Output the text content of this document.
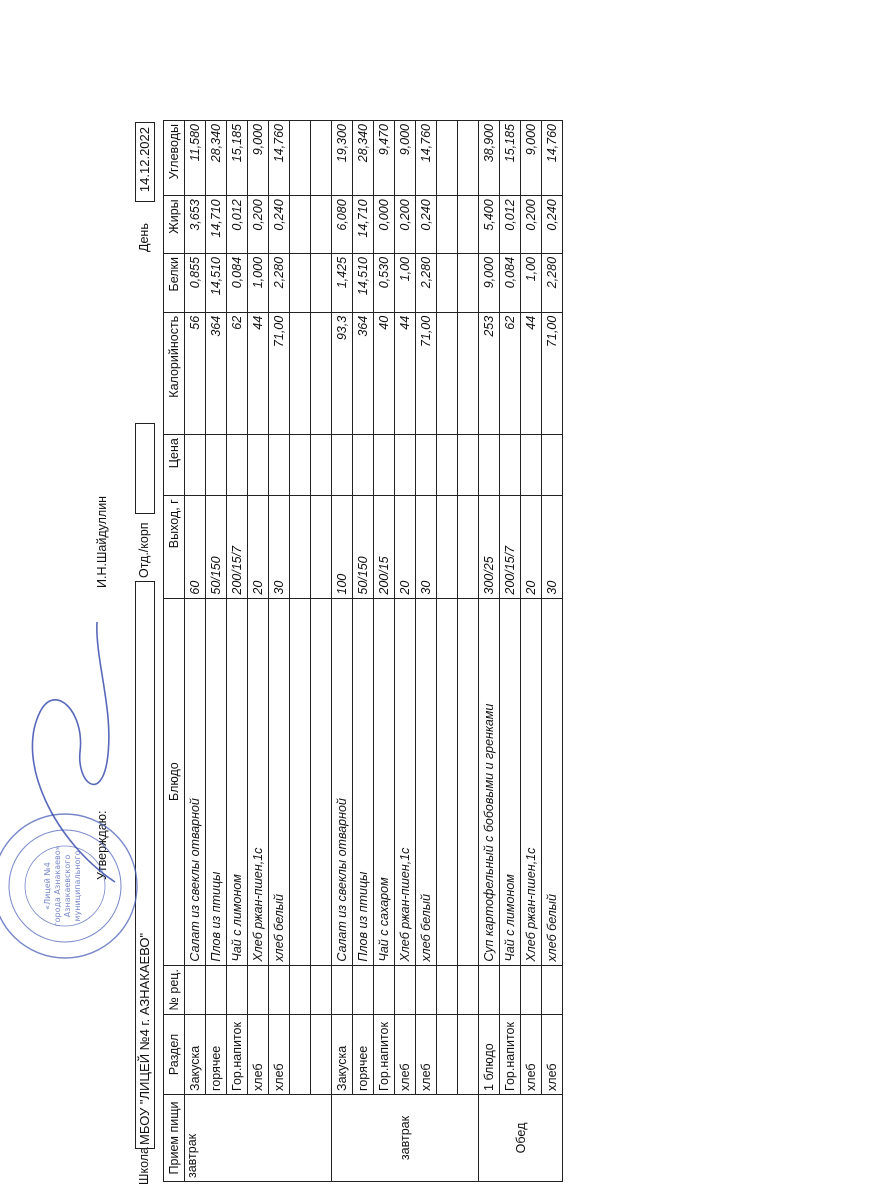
Утверждаю:
И.Н.Шайдуллин
Школа
МБОУ "ЛИЦЕЙ №4 г. АЗНАКАЕВО"
Отд./корп
День
14.12.2022
Прием пищи	Раздел	№ рец.	Блюдо	Выход, г	Цена	Калорийность	Белки	Жиры	Углеводы
завтрак	Закуска		Салат из свеклы отварной	60		56	0,855	3,653	11,580
	горячее		Плов из птицы	50/150		364	14,510	14,710	28,340
	Гор.напиток		Чай с лимоном	200/15/7		62	0,084	0,012	15,185
	хлеб		Хлеб ржан-пшен,1с	20		44	1,000	0,200	9,000
	хлеб		хлеб белый	30		71,00	2,280	0,240	14,760

завтрак	Закуска		Салат из свеклы отварной	100		93,3	1,425	6,080	19,300
	горячее		Плов из птицы	50/150		364	14,510	14,710	28,340
	Гор.напиток		Чай с сахаром	200/15		40	0,530	0,000	9,470
	хлеб		Хлеб ржан-пшен,1с	20		44	1,00	0,200	9,000
	хлеб		хлеб белый	30		71,00	2,280	0,240	14,760

Обед	1 блюдо		Суп картофельный с бобовыми и гренками	300/25		253	9,000	5,400	38,900
	Гор.напиток		Чай с лимоном	200/15/7		62	0,084	0,012	15,185
	хлеб		Хлеб ржан-пшен,1с	20		44	1,00	0,200	9,000
	хлеб		хлеб белый	30		71,00	2,280	0,240	14,760
«Лицей №4 города Азнакаево» Азнакаевского муниципального
